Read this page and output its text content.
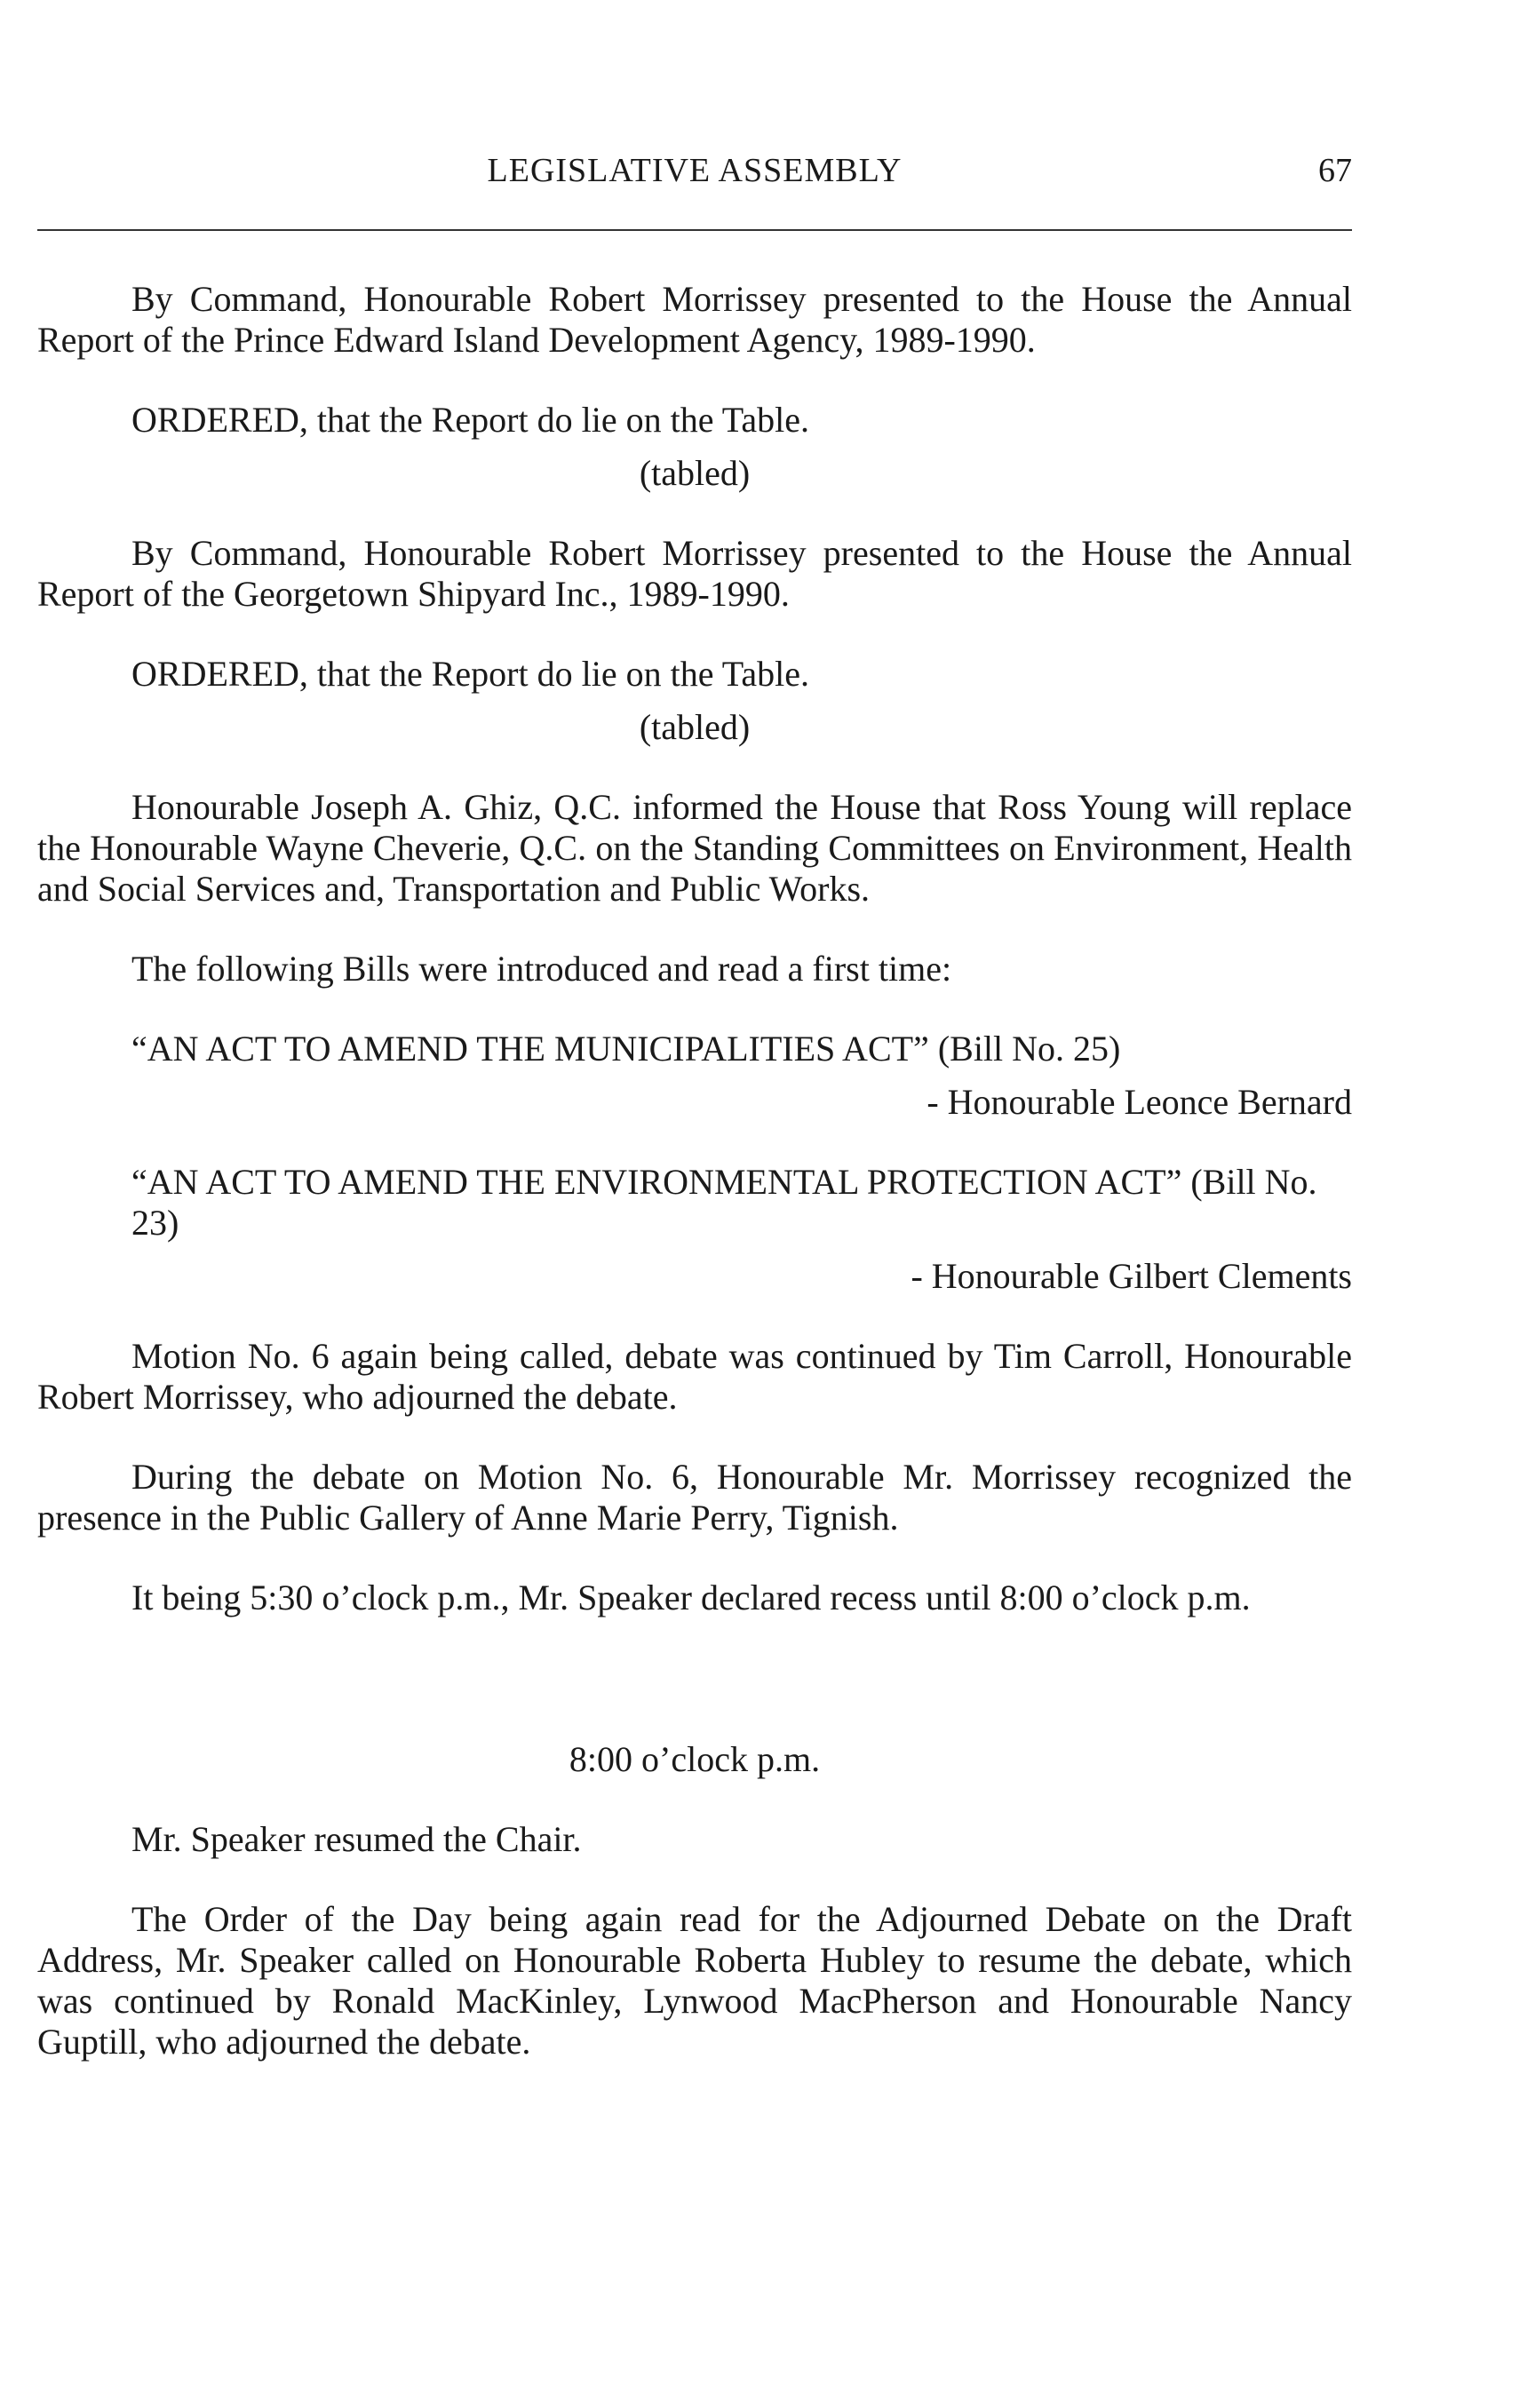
LEGISLATIVE ASSEMBLY	67

By Command, Honourable Robert Morrissey presented to the House the Annual Report of the Prince Edward Island Development Agency, 1989-1990.

ORDERED, that the Report do lie on the Table.

(tabled)

By Command, Honourable Robert Morrissey presented to the House the Annual Report of the Georgetown Shipyard Inc., 1989-1990.

ORDERED, that the Report do lie on the Table.

(tabled)

Honourable Joseph A. Ghiz, Q.C. informed the House that Ross Young will replace the Honourable Wayne Cheverie, Q.C. on the Standing Committees on Environment, Health and Social Services and, Transportation and Public Works.

The following Bills were introduced and read a first time:

“AN ACT TO AMEND THE MUNICIPALITIES ACT” (Bill No. 25)

- Honourable Leonce Bernard

“AN ACT TO AMEND THE ENVIRONMENTAL PROTECTION ACT” (Bill No. 23)

- Honourable Gilbert Clements

Motion No. 6 again being called, debate was continued by Tim Carroll, Honourable Robert Morrissey, who adjourned the debate.

During the debate on Motion No. 6, Honourable Mr. Morrissey recognized the presence in the Public Gallery of Anne Marie Perry, Tignish.

It being 5:30 o’clock p.m., Mr. Speaker declared recess until 8:00 o’clock p.m.

8:00 o’clock p.m.

Mr. Speaker resumed the Chair.

The Order of the Day being again read for the Adjourned Debate on the Draft Address, Mr. Speaker called on Honourable Roberta Hubley to resume the debate, which was continued by Ronald MacKinley, Lynwood MacPherson and Honourable Nancy Guptill, who adjourned the debate.
